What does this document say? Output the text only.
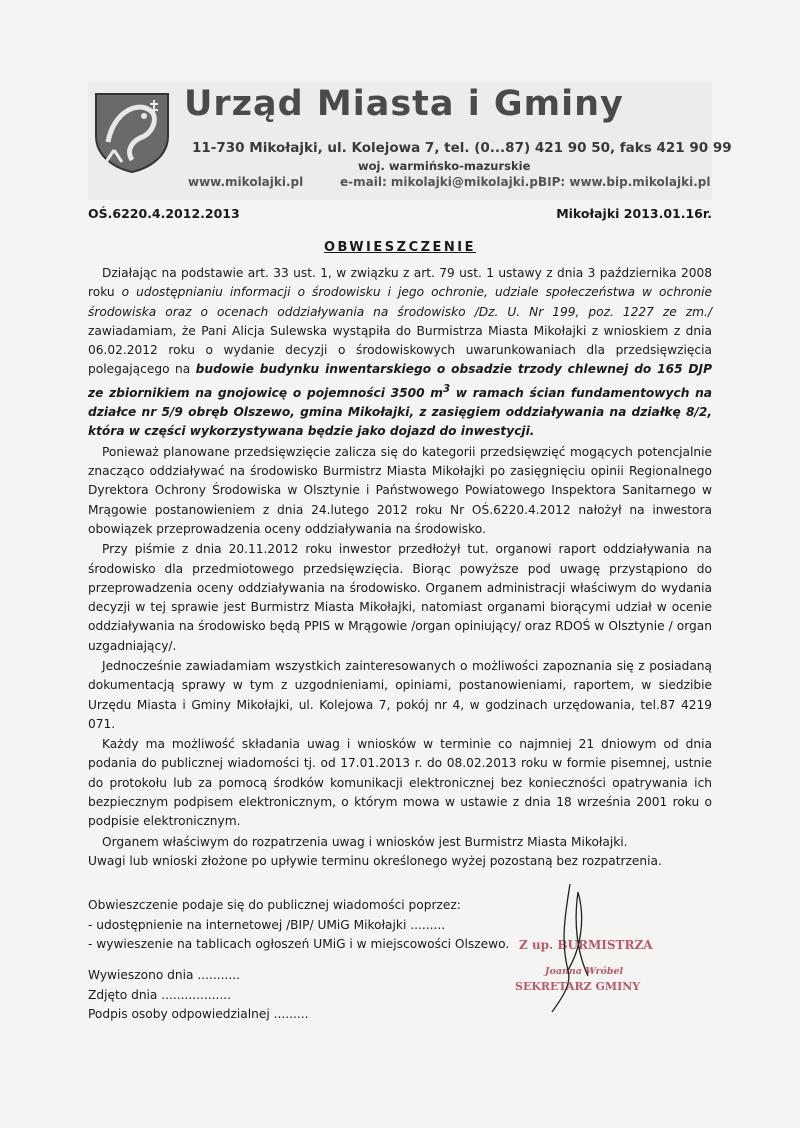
Urząd Miasta i Gminy
11-730 Mikołajki, ul. Kolejowa 7, tel. (0...87) 421 90 50, faks 421 90 99
woj. warmińsko-mazurskie
www.mikolajki.pl	e-mail: mikolajki@mikolajki.pl
BIP: www.bip.mikolajki.pl
OŚ.6220.4.2012.2013	Mikołajki 2013.01.16r.
OBWIESZCZENIE

Działając na podstawie art. 33 ust. 1, w związku z art. 79 ust. 1 ustawy z dnia 3 października 2008 roku o udostępnianiu informacji o środowisku i jego ochronie, udziale społeczeństwa w ochronie środowiska oraz o ocenach oddziaływania na środowisko /Dz. U. Nr 199, poz. 1227 ze zm./ zawiadamiam, że Pani Alicja Sulewska wystąpiła do Burmistrza Miasta Mikołajki z wnioskiem z dnia 06.02.2012 roku o wydanie decyzji o środowiskowych uwarunkowaniach dla przedsięwzięcia polegającego na budowie budynku inwentarskiego o obsadzie trzody chlewnej do 165 DJP ze zbiornikiem na gnojowicę o pojemności 3500 $m^3$ w ramach ścian fundamentowych na działce nr 5/9 obręb Olszewo, gmina Mikołajki, z zasięgiem oddziaływania na działkę 8/2, która w części wykorzystywana będzie jako dojazd do inwestycji.

Ponieważ planowane przedsięwzięcie zalicza się do kategorii przedsięwzięć mogących potencjalnie znacząco oddziaływać na środowisko Burmistrz Miasta Mikołajki po zasięgnięciu opinii Regionalnego Dyrektora Ochrony Środowiska w Olsztynie i Państwowego Powiatowego Inspektora Sanitarnego w Mrągowie postanowieniem z dnia 24.lutego 2012 roku Nr OŚ.6220.4.2012 nałożył na inwestora obowiązek przeprowadzenia oceny oddziaływania na środowisko.

Przy piśmie z dnia 20.11.2012 roku inwestor przedłożył tut. organowi raport oddziaływania na środowisko dla przedmiotowego przedsięwzięcia. Biorąc powyższe pod uwagę przystąpiono do przeprowadzenia oceny oddziaływania na środowisko. Organem administracji właściwym do wydania decyzji w tej sprawie jest Burmistrz Miasta Mikołajki, natomiast organami biorącymi udział w ocenie oddziaływania na środowisko będą PPIS w Mrągowie /organ opiniujący/ oraz RDOŚ w Olsztynie / organ uzgadniający/.

Jednocześnie zawiadamiam wszystkich zainteresowanych o możliwości zapoznania się z posiadaną dokumentacją sprawy w tym z uzgodnieniami, opiniami, postanowieniami, raportem, w siedzibie Urzędu Miasta i Gminy Mikołajki, ul. Kolejowa 7, pokój nr 4, w godzinach urzędowania, tel.87 4219 071.

Każdy ma możliwość składania uwag i wniosków w terminie co najmniej 21 dniowym od dnia podania do publicznej wiadomości tj. od 17.01.2013 r. do 08.02.2013 roku w formie pisemnej, ustnie do protokołu lub za pomocą środków komunikacji elektronicznej bez konieczności opatrywania ich bezpiecznym podpisem elektronicznym, o którym mowa w ustawie z dnia 18 września 2001 roku o podpisie elektronicznym.

Organem właściwym do rozpatrzenia uwag i wniosków jest Burmistrz Miasta Mikołajki.

Uwagi lub wnioski złożone po upływie terminu określonego wyżej pozostaną bez rozpatrzenia.

Obwieszczenie podaje się do publicznej wiadomości poprzez:
- udostępnienie na internetowej /BIP/ UMiG Mikołajki .........
- wywieszenie na tablicach ogłoszeń UMiG i w miejscowości Olszewo.
Wywieszono dnia ...........
Zdjęto dnia ..................
Podpis osoby odpowiedzialnej .........
Z up. BURMISTRZA
Joanna Wróbel
SEKRETARZ GMINY
